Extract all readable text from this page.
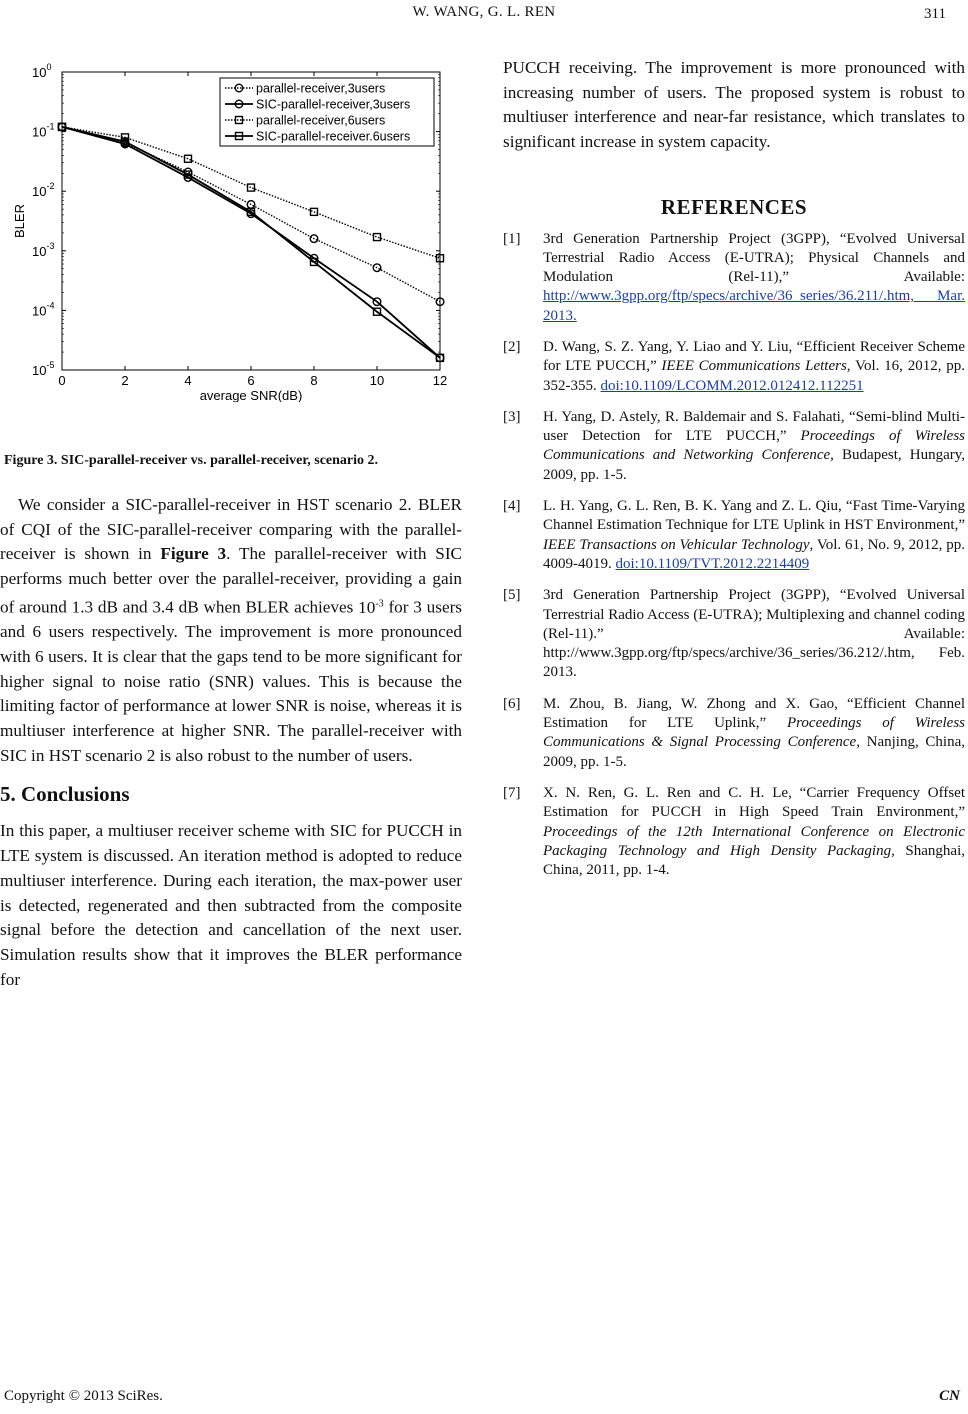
W. WANG, G. L. REN	311
0	2	4	6	8	10	12
$10^0$
$10^{-1}$
$10^{-2}$
$10^{-3}$
$10^{-4}$
$10^{-5}$
average SNR(dB)
BLER
parallel-receiver,3users
SIC-parallel-receiver,3users
parallel-receiver,6users
SIC-parallel-receiver.6users
Figure 3. SIC-parallel-receiver vs. parallel-receiver, scenario 2.

We consider a SIC-parallel-receiver in HST scenario 2. BLER of CQI of the SIC-parallel-receiver comparing with the parallel-receiver is shown in Figure 3. The parallel-receiver with SIC performs much better over the parallel-receiver, providing a gain of around 1.3 dB and 3.4 dB when BLER achieves $10^{-3}$ for 3 users and 6 users respectively. The improvement is more pronounced with 6 users. It is clear that the gaps tend to be more significant for higher signal to noise ratio (SNR) values. This is because the limiting factor of performance at lower SNR is noise, whereas it is multiuser interference at higher SNR. The parallel-receiver with SIC in HST scenario 2 is also robust to the number of users.

5. Conclusions

In this paper, a multiuser receiver scheme with SIC for PUCCH in LTE system is discussed. An iteration method is adopted to reduce multiuser interference. During each iteration, the max-power user is detected, regenerated and then subtracted from the composite signal before the detection and cancellation of the next user. Simulation results show that it improves the BLER performance for

PUCCH receiving. The improvement is more pronounced with increasing number of users. The proposed system is robust to multiuser interference and near-far resistance, which translates to significant increase in system capacity.

REFERENCES
[1] 3rd Generation Partnership Project (3GPP), “Evolved Universal Terrestrial Radio Access (E-UTRA); Physical Channels and Modulation (Rel-11),” Available: http://www.3gpp.org/ftp/specs/archive/36_series/36.211/.htm, Mar. 2013.
[2] D. Wang, S. Z. Yang, Y. Liao and Y. Liu, “Efficient Receiver Scheme for LTE PUCCH,” IEEE Communications Letters, Vol. 16, 2012, pp. 352-355. doi:10.1109/LCOMM.2012.012412.112251
[3] H. Yang, D. Astely, R. Baldemair and S. Falahati, “Semi-blind Multi-user Detection for LTE PUCCH,” Proceedings of Wireless Communications and Networking Conference, Budapest, Hungary, 2009, pp. 1-5.
[4] L. H. Yang, G. L. Ren, B. K. Yang and Z. L. Qiu, “Fast Time-Varying Channel Estimation Technique for LTE Uplink in HST Environment,” IEEE Transactions on Vehicular Technology, Vol. 61, No. 9, 2012, pp. 4009-4019. doi:10.1109/TVT.2012.2214409
[5] 3rd Generation Partnership Project (3GPP), “Evolved Universal Terrestrial Radio Access (E-UTRA); Multiplexing and channel coding (Rel-11).” Available: http://www.3gpp.org/ftp/specs/archive/36_series/36.212/.htm, Feb. 2013.
[6] M. Zhou, B. Jiang, W. Zhong and X. Gao, “Efficient Channel Estimation for LTE Uplink,” Proceedings of Wireless Communications & Signal Processing Conference, Nanjing, China, 2009, pp. 1-5.
[7] X. N. Ren, G. L. Ren and C. H. Le, “Carrier Frequency Offset Estimation for PUCCH in High Speed Train Environment,” Proceedings of the 12th International Conference on Electronic Packaging Technology and High Density Packaging, Shanghai, China, 2011, pp. 1-4.
Copyright © 2013 SciRes.	CN
